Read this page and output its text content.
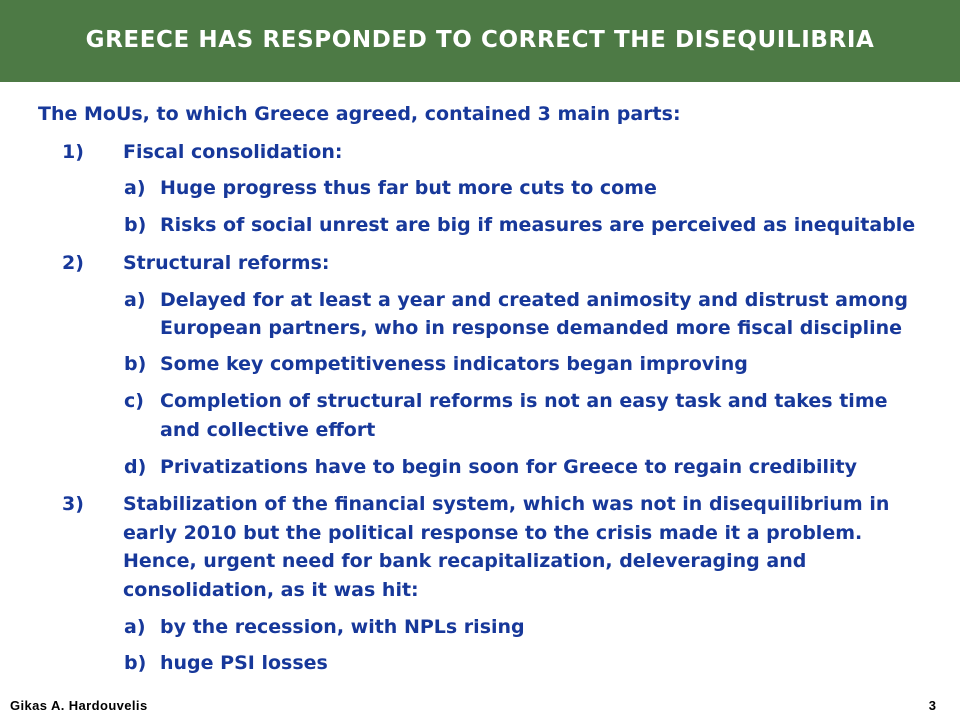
GREECE HAS RESPONDED TO CORRECT THE DISEQUILIBRIA
The MoUs, to which Greece agreed, contained 3 main parts:
1) Fiscal consolidation:
a) Huge progress thus far but more cuts to come
b) Risks of social unrest are big if measures are perceived as inequitable
2) Structural reforms:
a) Delayed for at least a year and created animosity and distrust among
European partners, who in response demanded more fiscal discipline
b) Some key competitiveness indicators began improving
c) Completion of structural reforms is not an easy task and takes time
and collective effort
d) Privatizations have to begin soon for Greece to regain credibility
3) Stabilization of the financial system, which was not in disequilibrium in
early 2010 but the political response to the crisis made it a problem.
Hence, urgent need for bank recapitalization, deleveraging and
consolidation, as it was hit:
a) by the recession, with NPLs rising
b) huge PSI losses
Gikas A. Hardouvelis	3
